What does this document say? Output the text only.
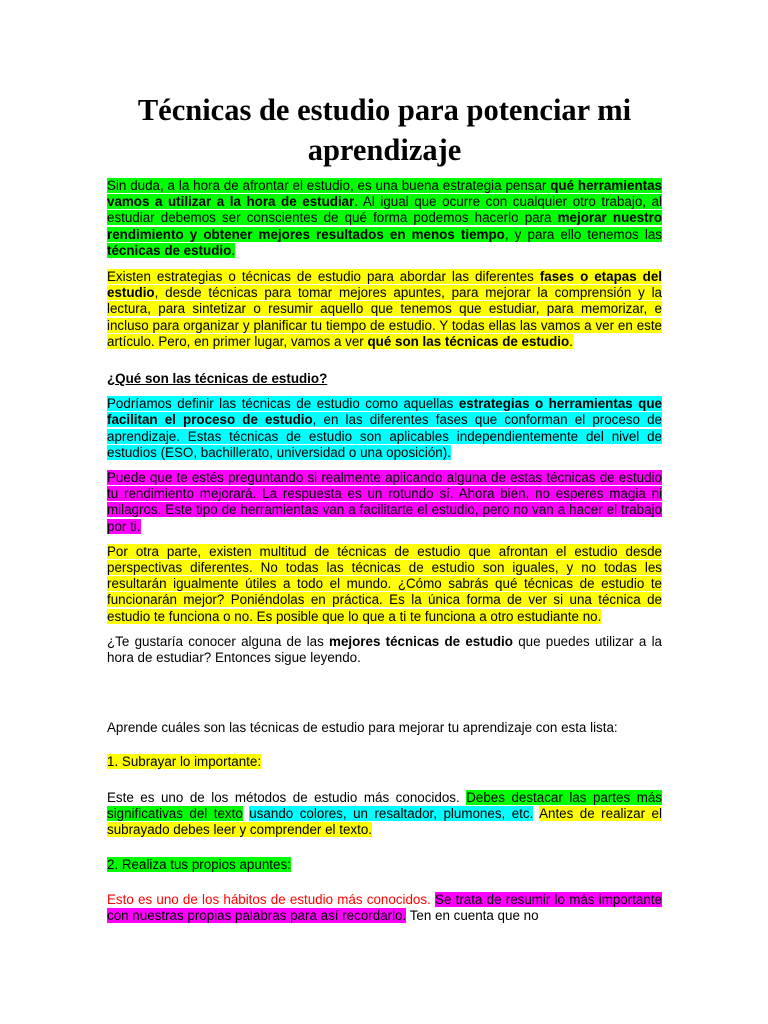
Técnicas de estudio para potenciar mi aprendizaje

Sin duda, a la hora de afrontar el estudio, es una buena estrategia pensar qué herramientas vamos a utilizar a la hora de estudiar. Al igual que ocurre con cualquier otro trabajo, al estudiar debemos ser conscientes de qué forma podemos hacerlo para mejorar nuestro rendimiento y obtener mejores resultados en menos tiempo, y para ello tenemos las técnicas de estudio.

Existen estrategias o técnicas de estudio para abordar las diferentes fases o etapas del estudio, desde técnicas para tomar mejores apuntes, para mejorar la comprensión y la lectura, para sintetizar o resumir aquello que tenemos que estudiar, para memorizar, e incluso para organizar y planificar tu tiempo de estudio. Y todas ellas las vamos a ver en este artículo. Pero, en primer lugar, vamos a ver qué son las técnicas de estudio.

¿Qué son las técnicas de estudio?

Podríamos definir las técnicas de estudio como aquellas estrategias o herramientas que facilitan el proceso de estudio, en las diferentes fases que conforman el proceso de aprendizaje. Estas técnicas de estudio son aplicables independientemente del nivel de estudios (ESO, bachillerato, universidad o una oposición).

Puede que te estés preguntando si realmente aplicando alguna de estas técnicas de estudio tu rendimiento mejorará. La respuesta es un rotundo sí. Ahora bien, no esperes magia ni milagros. Este tipo de herramientas van a facilitarte el estudio, pero no van a hacer el trabajo por ti.

Por otra parte, existen multitud de técnicas de estudio que afrontan el estudio desde perspectivas diferentes. No todas las técnicas de estudio son iguales, y no todas les resultarán igualmente útiles a todo el mundo. ¿Cómo sabrás qué técnicas de estudio te funcionarán mejor? Poniéndolas en práctica. Es la única forma de ver si una técnica de estudio te funciona o no. Es posible que lo que a ti te funciona a otro estudiante no.

¿Te gustaría conocer alguna de las mejores técnicas de estudio que puedes utilizar a la hora de estudiar? Entonces sigue leyendo.

Aprende cuáles son las técnicas de estudio para mejorar tu aprendizaje con esta lista:

1. Subrayar lo importante:

Este es uno de los métodos de estudio más conocidos. Debes destacar las partes más significativas del texto usando colores, un resaltador, plumones, etc. Antes de realizar el subrayado debes leer y comprender el texto.

2. Realiza tus propios apuntes:

Esto es uno de los hábitos de estudio más conocidos. Se trata de resumir lo más importante con nuestras propias palabras para así recordarlo. Ten en cuenta que no
